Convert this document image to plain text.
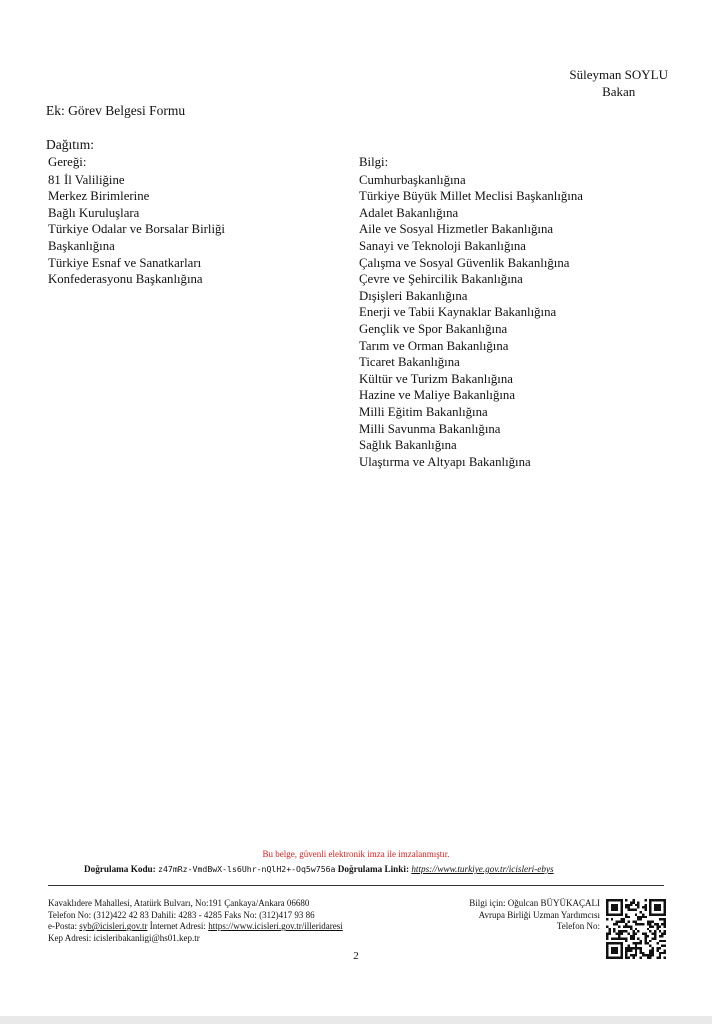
Süleyman SOYLU
Bakan
Ek: Görev Belgesi Formu
Dağıtım:
Gereği:
81 İl Valiliğine
Merkez Birimlerine
Bağlı Kuruluşlara
Türkiye Odalar ve Borsalar Birliği
Başkanlığına
Türkiye Esnaf ve Sanatkarları
Konfederasyonu Başkanlığına
Bilgi:
Cumhurbaşkanlığına
Türkiye Büyük Millet Meclisi Başkanlığına
Adalet Bakanlığına
Aile ve Sosyal Hizmetler Bakanlığına
Sanayi ve Teknoloji Bakanlığına
Çalışma ve Sosyal Güvenlik Bakanlığına
Çevre ve Şehircilik Bakanlığına
Dışişleri Bakanlığına
Enerji ve Tabii Kaynaklar Bakanlığına
Gençlik ve Spor Bakanlığına
Tarım ve Orman Bakanlığına
Ticaret Bakanlığına
Kültür ve Turizm Bakanlığına
Hazine ve Maliye Bakanlığına
Milli Eğitim Bakanlığına
Milli Savunma Bakanlığına
Sağlık Bakanlığına
Ulaştırma ve Altyapı Bakanlığına
Bu belge, güvenli elektronik imza ile imzalanmıştır.
Doğrulama Kodu: z47mRz-VmdBwX-ls6Uhr-nQlH2+-Oq5w756a Doğrulama Linki: https://www.turkiye.gov.tr/icisleri-ebys
Kavaklıdere Mahallesi, Atatürk Bulvarı, No:191 Çankaya/Ankara 06680
Telefon No: (312)422 42 83 Dahili: 4283 - 4285 Faks No: (312)417 93 86
e-Posta: syb@icisleri.gov.tr İnternet Adresi: https://www.icisleri.gov.tr/illeridaresi
Kep Adresi: icisleribakanligi@hs01.kep.tr
Bilgi için: Oğulcan BÜYÜKAÇALI
Avrupa Birliği Uzman Yardımcısı
Telefon No:
2
